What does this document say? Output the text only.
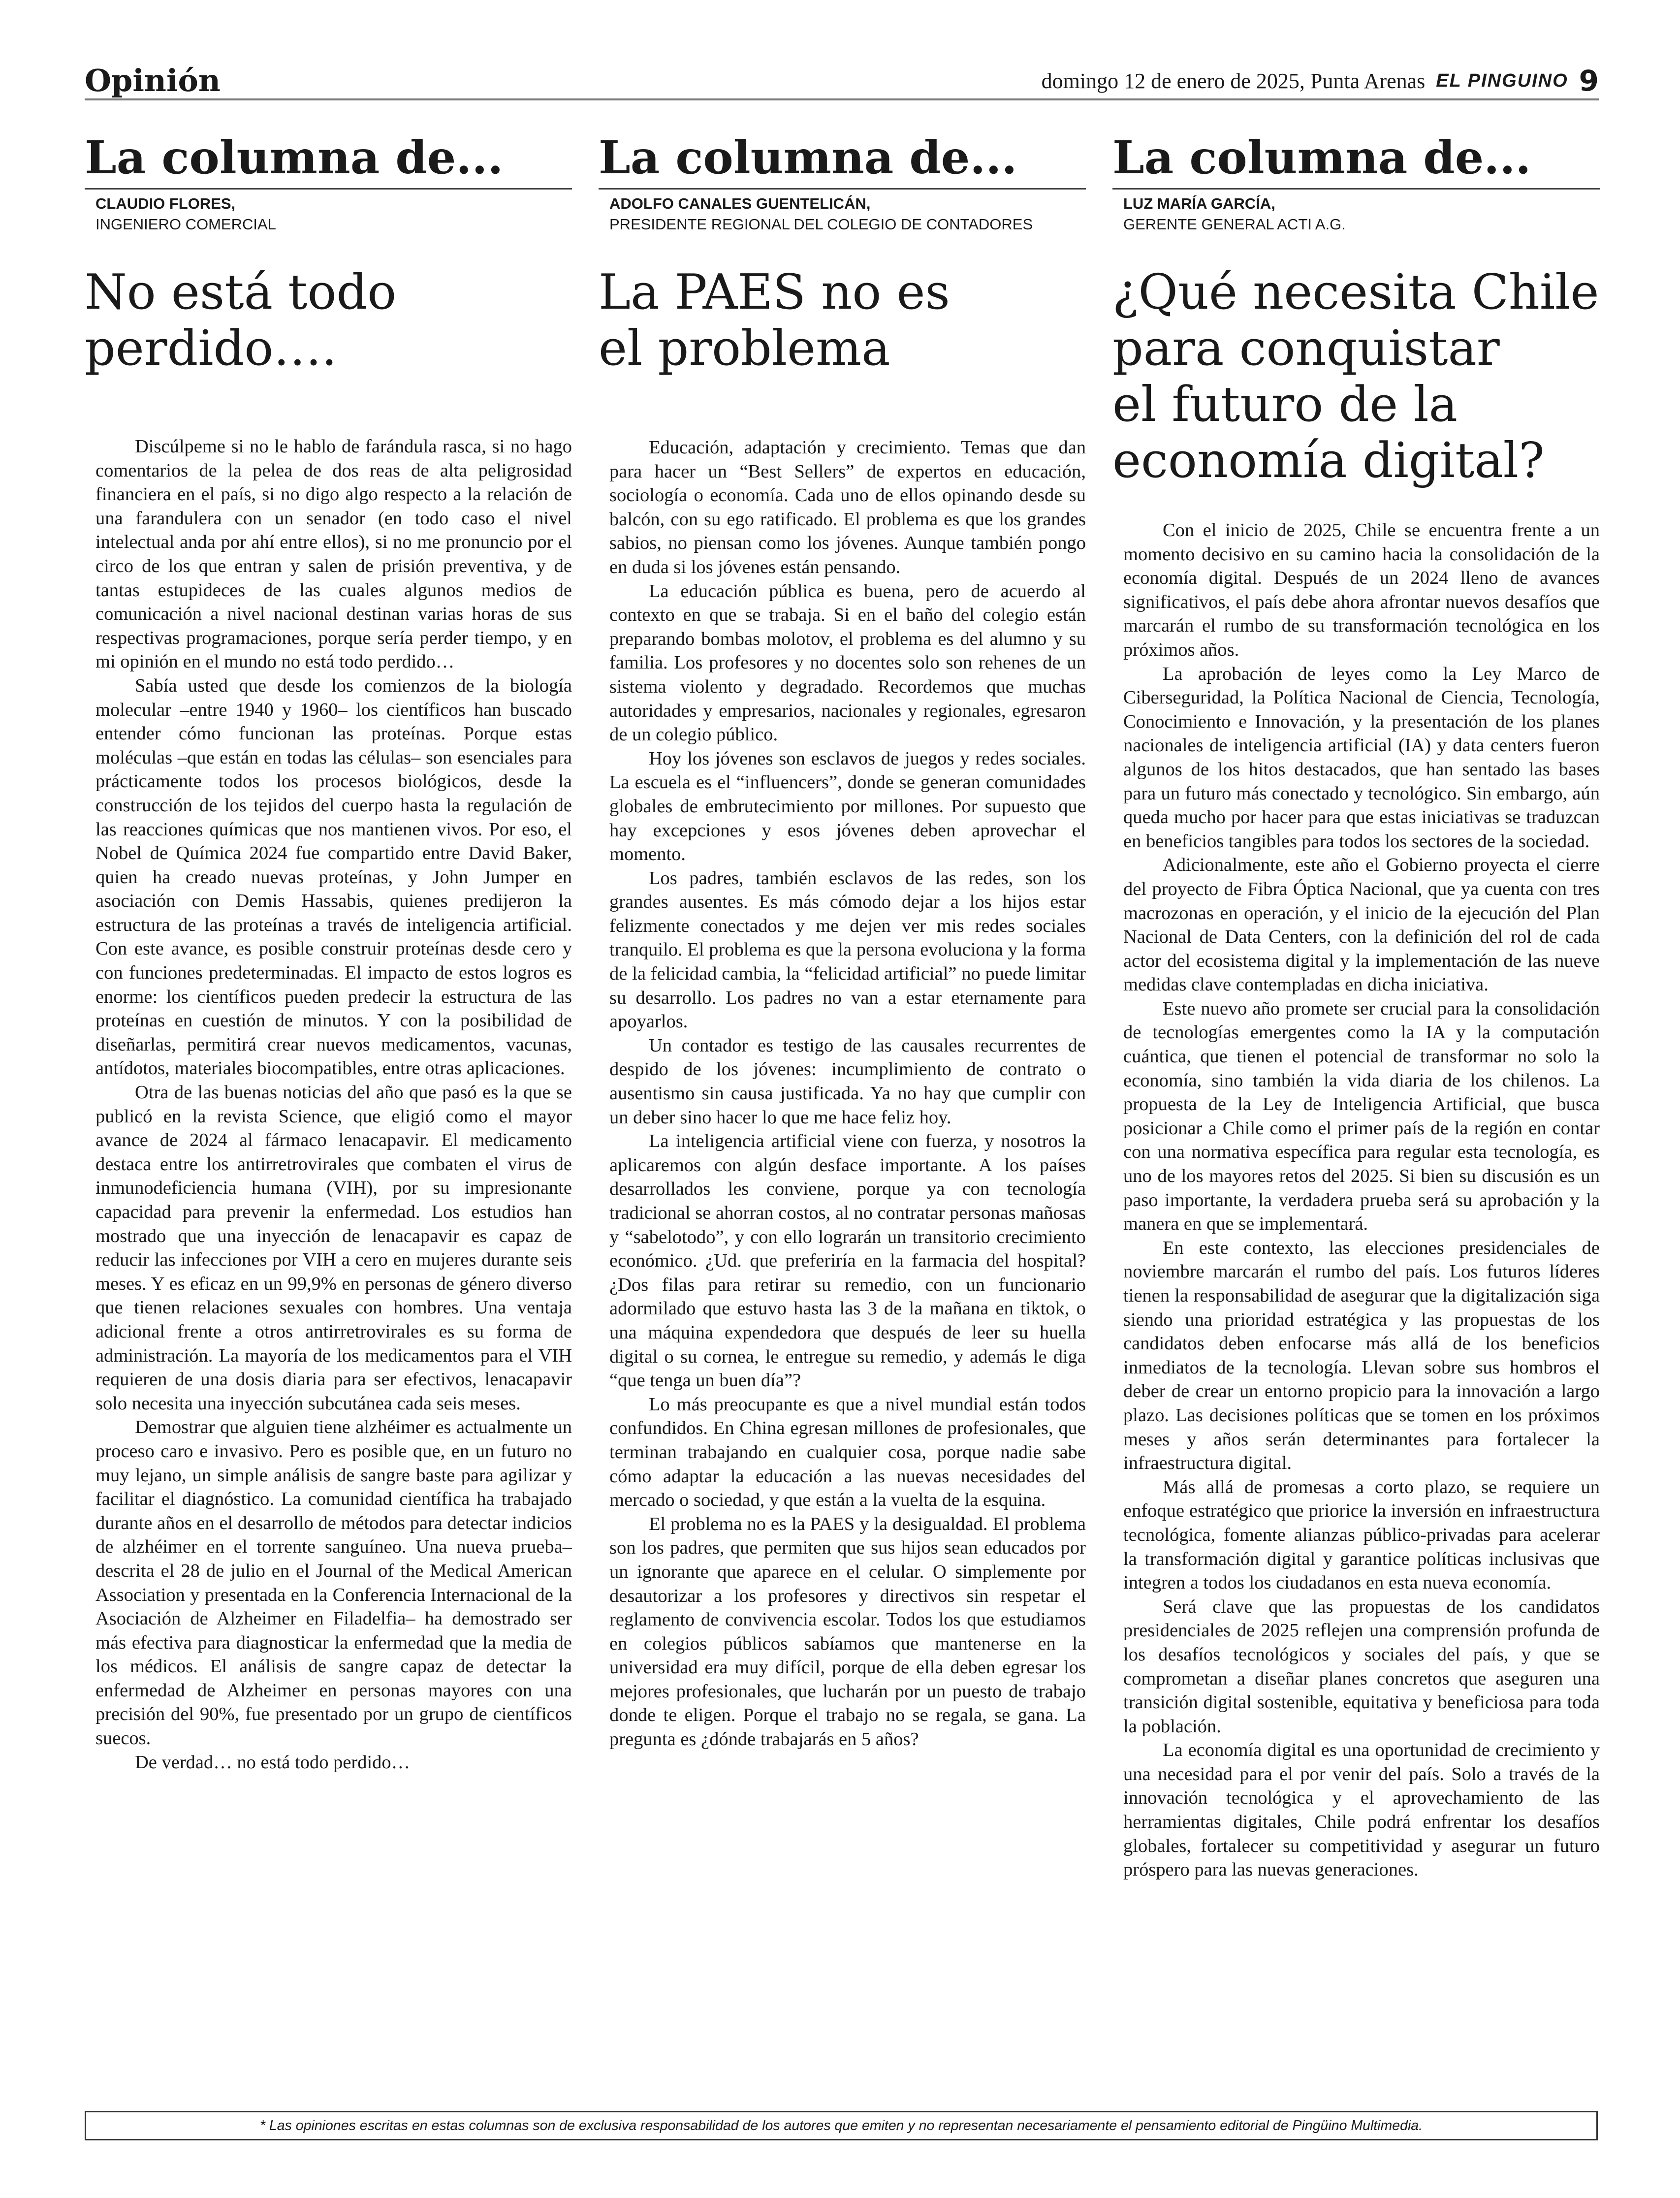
Opinión	domingo 12 de enero de 2025, Punta Arenas EL PINGUINO 9
La columna de...
CLAUDIO FLORES,
INGENIERO COMERCIAL
No está todo
perdido….

Discúlpeme si no le hablo de farándula rasca, si no hago comentarios de la pelea de dos reas de alta peligrosidad financiera en el país, si no digo algo respecto a la relación de una farandulera con un senador (en todo caso el nivel intelectual anda por ahí entre ellos), si no me pronuncio por el circo de los que entran y salen de prisión preventiva, y de tantas estupideces de las cuales algunos medios de comunicación a nivel nacional destinan varias horas de sus respectivas programaciones, porque sería perder tiempo, y en mi opinión en el mundo no está todo perdido…

Sabía usted que desde los comienzos de la biología molecular –entre 1940 y 1960– los científicos han buscado entender cómo funcionan las proteínas. Porque estas moléculas –que están en todas las células– son esenciales para prácticamente todos los procesos biológicos, desde la construcción de los tejidos del cuerpo hasta la regulación de las reacciones químicas que nos mantienen vivos. Por eso, el Nobel de Química 2024 fue compartido entre David Baker, quien ha creado nuevas proteínas, y John Jumper en asociación con Demis Hassabis, quienes predijeron la estructura de las proteínas a través de inteligencia artificial. Con este avance, es posible construir proteínas desde cero y con funciones predeterminadas. El impacto de estos logros es enorme: los científicos pueden predecir la estructura de las proteínas en cuestión de minutos. Y con la posibilidad de diseñarlas, permitirá crear nuevos medicamentos, vacunas, antídotos, materiales biocompatibles, entre otras aplicaciones.

Otra de las buenas noticias del año que pasó es la que se publicó en la revista Science, que eligió como el mayor avance de 2024 al fármaco lenacapavir. El medicamento destaca entre los antirretrovirales que combaten el virus de inmunodeficiencia humana (VIH), por su impresionante capacidad para prevenir la enfermedad. Los estudios han mostrado que una inyección de lenacapavir es capaz de reducir las infecciones por VIH a cero en mujeres durante seis meses. Y es eficaz en un 99,9% en personas de género diverso que tienen relaciones sexuales con hombres. Una ventaja adicional frente a otros antirretrovirales es su forma de administración. La mayoría de los medicamentos para el VIH requieren de una dosis diaria para ser efectivos, lenacapavir solo necesita una inyección subcutánea cada seis meses.

Demostrar que alguien tiene alzhéimer es actualmente un proceso caro e invasivo. Pero es posible que, en un futuro no muy lejano, un simple análisis de sangre baste para agilizar y facilitar el diagnóstico. La comunidad científica ha trabajado durante años en el desarrollo de métodos para detectar indicios de alzhéimer en el torrente sanguíneo. Una nueva prueba–descrita el 28 de julio en el Journal of the Medical American Association y presentada en la Conferencia Internacional de la Asociación de Alzheimer en Filadelfia– ha demostrado ser más efectiva para diagnosticar la enfermedad que la media de los médicos. El análisis de sangre capaz de detectar la enfermedad de Alzheimer en personas mayores con una precisión del 90%, fue presentado por un grupo de científicos suecos.

De verdad… no está todo perdido…

La columna de...
ADOLFO CANALES GUENTELICÁN,
PRESIDENTE REGIONAL DEL COLEGIO DE CONTADORES
La PAES no es
el problema

Educación, adaptación y crecimiento. Temas que dan para hacer un “Best Sellers” de expertos en educación, sociología o economía. Cada uno de ellos opinando desde su balcón, con su ego ratificado. El problema es que los grandes sabios, no piensan como los jóvenes. Aunque también pongo en duda si los jóvenes están pensando.

La educación pública es buena, pero de acuerdo al contexto en que se trabaja. Si en el baño del colegio están preparando bombas molotov, el problema es del alumno y su familia. Los profesores y no docentes solo son rehenes de un sistema violento y degradado. Recordemos que muchas autoridades y empresarios, nacionales y regionales, egresaron de un colegio público.

Hoy los jóvenes son esclavos de juegos y redes sociales. La escuela es el “influencers”, donde se generan comunidades globales de embrutecimiento por millones. Por supuesto que hay excepciones y esos jóvenes deben aprovechar el momento.

Los padres, también esclavos de las redes, son los grandes ausentes. Es más cómodo dejar a los hijos estar felizmente conectados y me dejen ver mis redes sociales tranquilo. El problema es que la persona evoluciona y la forma de la felicidad cambia, la “felicidad artificial” no puede limitar su desarrollo. Los padres no van a estar eternamente para apoyarlos.

Un contador es testigo de las causales recurrentes de despido de los jóvenes: incumplimiento de contrato o ausentismo sin causa justificada. Ya no hay que cumplir con un deber sino hacer lo que me hace feliz hoy.

La inteligencia artificial viene con fuerza, y nosotros la aplicaremos con algún desface importante. A los países desarrollados les conviene, porque ya con tecnología tradicional se ahorran costos, al no contratar personas mañosas y “sabelotodo”, y con ello lograrán un transitorio crecimiento económico. ¿Ud. que preferiría en la farmacia del hospital? ¿Dos filas para retirar su remedio, con un funcionario adormilado que estuvo hasta las 3 de la mañana en tiktok, o una máquina expendedora que después de leer su huella digital o su cornea, le entregue su remedio, y además le diga “que tenga un buen día”?

Lo más preocupante es que a nivel mundial están todos confundidos. En China egresan millones de profesionales, que terminan trabajando en cualquier cosa, porque nadie sabe cómo adaptar la educación a las nuevas necesidades del mercado o sociedad, y que están a la vuelta de la esquina.

El problema no es la PAES y la desigualdad. El problema son los padres, que permiten que sus hijos sean educados por un ignorante que aparece en el celular. O simplemente por desautorizar a los profesores y directivos sin respetar el reglamento de convivencia escolar. Todos los que estudiamos en colegios públicos sabíamos que mantenerse en la universidad era muy difícil, porque de ella deben egresar los mejores profesionales, que lucharán por un puesto de trabajo donde te eligen. Porque el trabajo no se regala, se gana. La pregunta es ¿dónde trabajarás en 5 años?

La columna de...
LUZ MARÍA GARCÍA,
GERENTE GENERAL ACTI A.G.
¿Qué necesita Chile
para conquistar
el futuro de la
economía digital?

Con el inicio de 2025, Chile se encuentra frente a un momento decisivo en su camino hacia la consolidación de la economía digital. Después de un 2024 lleno de avances significativos, el país debe ahora afrontar nuevos desafíos que marcarán el rumbo de su transformación tecnológica en los próximos años.

La aprobación de leyes como la Ley Marco de Ciberseguridad, la Política Nacional de Ciencia, Tecnología, Conocimiento e Innovación, y la presentación de los planes nacionales de inteligencia artificial (IA) y data centers fueron algunos de los hitos destacados, que han sentado las bases para un futuro más conectado y tecnológico. Sin embargo, aún queda mucho por hacer para que estas iniciativas se traduzcan en beneficios tangibles para todos los sectores de la sociedad.

Adicionalmente, este año el Gobierno proyecta el cierre del proyecto de Fibra Óptica Nacional, que ya cuenta con tres macrozonas en operación, y el inicio de la ejecución del Plan Nacional de Data Centers, con la definición del rol de cada actor del ecosistema digital y la implementación de las nueve medidas clave contempladas en dicha iniciativa.

Este nuevo año promete ser crucial para la consolidación de tecnologías emergentes como la IA y la computación cuántica, que tienen el potencial de transformar no solo la economía, sino también la vida diaria de los chilenos. La propuesta de la Ley de Inteligencia Artificial, que busca posicionar a Chile como el primer país de la región en contar con una normativa específica para regular esta tecnología, es uno de los mayores retos del 2025. Si bien su discusión es un paso importante, la verdadera prueba será su aprobación y la manera en que se implementará.

En este contexto, las elecciones presidenciales de noviembre marcarán el rumbo del país. Los futuros líderes tienen la responsabilidad de asegurar que la digitalización siga siendo una prioridad estratégica y las propuestas de los candidatos deben enfocarse más allá de los beneficios inmediatos de la tecnología. Llevan sobre sus hombros el deber de crear un entorno propicio para la innovación a largo plazo. Las decisiones políticas que se tomen en los próximos meses y años serán determinantes para fortalecer la infraestructura digital.

Más allá de promesas a corto plazo, se requiere un enfoque estratégico que priorice la inversión en infraestructura tecnológica, fomente alianzas público-privadas para acelerar la transformación digital y garantice políticas inclusivas que integren a todos los ciudadanos en esta nueva economía.

Será clave que las propuestas de los candidatos presidenciales de 2025 reflejen una comprensión profunda de los desafíos tecnológicos y sociales del país, y que se comprometan a diseñar planes concretos que aseguren una transición digital sostenible, equitativa y beneficiosa para toda la población.

La economía digital es una oportunidad de crecimiento y una necesidad para el por venir del país. Solo a través de la innovación tecnológica y el aprovechamiento de las herramientas digitales, Chile podrá enfrentar los desafíos globales, fortalecer su competitividad y asegurar un futuro próspero para las nuevas generaciones.

* Las opiniones escritas en estas columnas son de exclusiva responsabilidad de los autores que emiten y no representan necesariamente el pensamiento editorial de Pingüino Multimedia.
